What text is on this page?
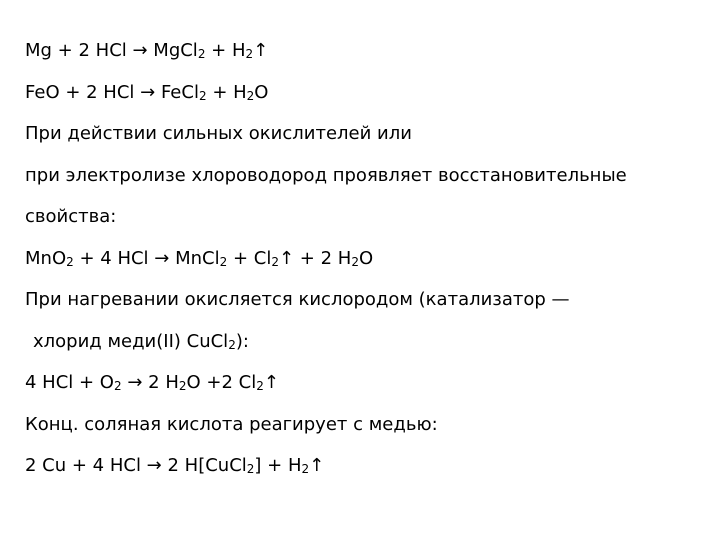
Mg + 2 HCl → MgCl$_2$ + $H_2↑$
FeO + 2 HCl → FeCl$_2$ + $H_2O$
При действии сильных окислителей или
при электролизе хлороводород проявляет восстановительные
свойства:
MnO$_2$ + 4 HCl → MnCl$_2$ + $Cl_2↑ + 2$ $H_2O$
При нагревании окисляется кислородом (катализатор —
хлорид меди(II) CuCl$_2$):
4 HCl + $O_2 \to 2$ $H_2O +2$ $Cl_2↑$
Конц. соляная кислота реагирует с медью:
2 Cu + 4 HCl → 2 H[CuCl$_2$] + $H_2↑$
